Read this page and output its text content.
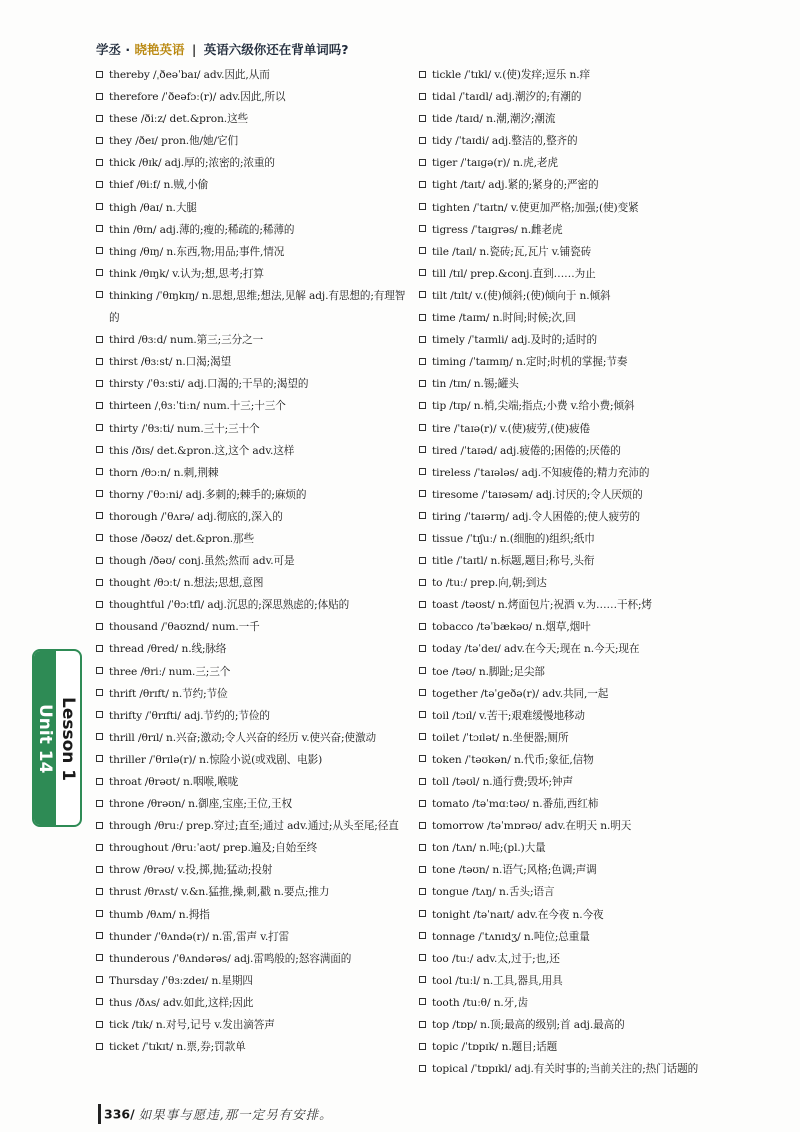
学丞 · 晓艳英语 | 英语六级你还在背单词吗?
thereby /ˌðeəˈbaɪ/ adv.因此,从而
therefore /ˈðeəfɔː(r)/ adv.因此,所以
these /ðiːz/ det.&pron.这些
they /ðeɪ/ pron.他/她/它们
thick /θɪk/ adj.厚的;浓密的;浓重的
thief /θiːf/ n.贼,小偷
thigh /θaɪ/ n.大腿
thin /θɪn/ adj.薄的;瘦的;稀疏的;稀薄的
thing /θɪŋ/ n.东西,物;用品;事件,情况
think /θɪŋk/ v.认为;想,思考;打算
thinking /ˈθɪŋkɪŋ/ n.思想,思维;想法,见解 adj.有思想的;有理智的
third /θɜːd/ num.第三;三分之一
thirst /θɜːst/ n.口渴;渴望
thirsty /ˈθɜːsti/ adj.口渴的;干旱的;渴望的
thirteen /ˌθɜːˈtiːn/ num.十三;十三个
thirty /ˈθɜːti/ num.三十;三十个
this /ðɪs/ det.&pron.这,这个 adv.这样
thorn /θɔːn/ n.刺,荆棘
thorny /ˈθɔːni/ adj.多刺的;棘手的;麻烦的
thorough /ˈθʌrə/ adj.彻底的,深入的
those /ðəʊz/ det.&pron.那些
though /ðəʊ/ conj.虽然;然而 adv.可是
thought /θɔːt/ n.想法;思想,意图
thoughtful /ˈθɔːtfl/ adj.沉思的;深思熟虑的;体贴的
thousand /ˈθaʊznd/ num.一千
thread /θred/ n.线;脉络
three /θriː/ num.三;三个
thrift /θrɪft/ n.节约;节俭
thrifty /ˈθrɪfti/ adj.节约的;节俭的
thrill /θrɪl/ n.兴奋;激动;令人兴奋的经历 v.使兴奋;使激动
thriller /ˈθrɪlə(r)/ n.惊险小说(或戏剧、电影)
throat /θrəʊt/ n.咽喉,喉咙
throne /θrəʊn/ n.御座,宝座;王位,王权
through /θruː/ prep.穿过;直至;通过 adv.通过;从头至尾;径直
throughout /θruːˈaʊt/ prep.遍及;自始至终
throw /θrəʊ/ v.投,掷,抛;猛动;投射
thrust /θrʌst/ v.&n.猛推,操,刺,戳 n.要点;推力
thumb /θʌm/ n.拇指
thunder /ˈθʌndə(r)/ n.雷,雷声 v.打雷
thunderous /ˈθʌndərəs/ adj.雷鸣般的;怒容满面的
Thursday /ˈθɜːzdeɪ/ n.星期四
thus /ðʌs/ adv.如此,这样;因此
tick /tɪk/ n.对号,记号 v.发出滴答声
ticket /ˈtɪkɪt/ n.票,券;罚款单
tickle /ˈtɪkl/ v.(使)发痒;逗乐 n.痒
tidal /ˈtaɪdl/ adj.潮汐的;有潮的
tide /taɪd/ n.潮,潮汐;潮流
tidy /ˈtaɪdi/ adj.整洁的,整齐的
tiger /ˈtaɪɡə(r)/ n.虎,老虎
tight /taɪt/ adj.紧的;紧身的;严密的
tighten /ˈtaɪtn/ v.使更加严格;加强;(使)变紧
tigress /ˈtaɪɡrəs/ n.雌老虎
tile /taɪl/ n.瓷砖;瓦,瓦片 v.铺瓷砖
till /tɪl/ prep.&conj.直到……为止
tilt /tɪlt/ v.(使)倾斜;(使)倾向于 n.倾斜
time /taɪm/ n.时间;时候;次,回
timely /ˈtaɪmli/ adj.及时的;适时的
timing /ˈtaɪmɪŋ/ n.定时;时机的掌握;节奏
tin /tɪn/ n.锡;罐头
tip /tɪp/ n.梢,尖端;指点;小费 v.给小费;倾斜
tire /ˈtaɪə(r)/ v.(使)疲劳,(使)疲倦
tired /ˈtaɪəd/ adj.疲倦的;困倦的;厌倦的
tireless /ˈtaɪələs/ adj.不知疲倦的;精力充沛的
tiresome /ˈtaɪəsəm/ adj.讨厌的;令人厌烦的
tiring /ˈtaɪərɪŋ/ adj.令人困倦的;使人疲劳的
tissue /ˈtɪʃuː/ n.(细胞的)组织;纸巾
title /ˈtaɪtl/ n.标题,题目;称号,头衔
to /tuː/ prep.向,朝;到达
toast /təʊst/ n.烤面包片;祝酒 v.为……干杯;烤
tobacco /təˈbækəʊ/ n.烟草,烟叶
today /təˈdeɪ/ adv.在今天;现在 n.今天;现在
toe /təʊ/ n.脚趾;足尖部
together /təˈɡeðə(r)/ adv.共同,一起
toil /tɔɪl/ v.苦干;艰难缓慢地移动
toilet /ˈtɔɪlət/ n.坐便器;厕所
token /ˈtəʊkən/ n.代币;象征,信物
toll /təʊl/ n.通行费;毁坏;钟声
tomato /təˈmɑːtəʊ/ n.番茄,西红柿
tomorrow /təˈmɒrəʊ/ adv.在明天 n.明天
ton /tʌn/ n.吨;(pl.)大量
tone /təʊn/ n.语气;风格;色调;声调
tongue /tʌŋ/ n.舌头;语言
tonight /təˈnaɪt/ adv.在今夜 n.今夜
tonnage /ˈtʌnɪdʒ/ n.吨位;总重量
too /tuː/ adv.太,过于;也,还
tool /tuːl/ n.工具,器具,用具
tooth /tuːθ/ n.牙,齿
top /tɒp/ n.顶;最高的级别;首 adj.最高的
topic /ˈtɒpɪk/ n.题目;话题
topical /ˈtɒpɪkl/ adj.有关时事的;当前关注的;热门话题的
Unit 14 Lesson 1
336/ 如果事与愿违,那一定另有安排。
